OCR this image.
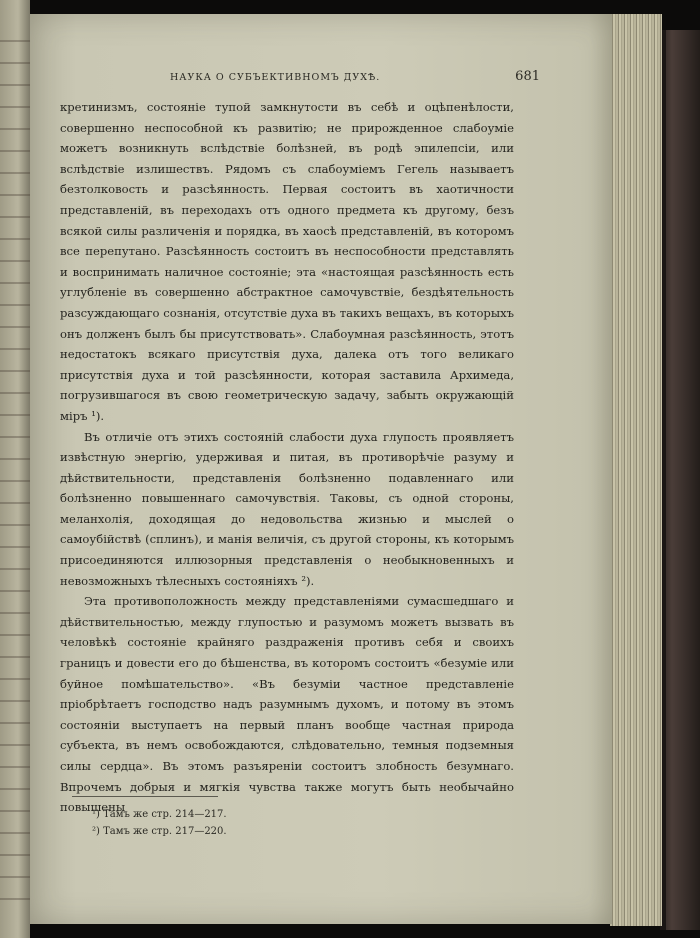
НАУКА О СУБЪЕКТИВНОМЪ ДУХѢ.	681

кретинизмъ, состояніе тупой замкнутости въ себѣ и оцѣпенѣлости, совершенно неспособной къ развитію; не прирожденное слабоуміе можетъ возникнуть вслѣдствіе болѣзней, въ родѣ эпилепсіи, или вслѣдствіе излишествъ. Рядомъ съ слабоуміемъ Гегель называетъ безтолковость и разсѣянность. Первая состоитъ въ хаотичности представленій, въ переходахъ отъ одного предмета къ другому, безъ всякой силы различенія и порядка, въ хаосѣ представленій, въ которомъ все перепутано. Разсѣянность состоитъ въ неспособности представлять и воспринимать наличное состояніе; эта «настоящая разсѣянность есть углубленіе въ совершенно абстрактное самочувствіе, бездѣятельность разсуждающаго сознанія, отсутствіе духа въ такихъ вещахъ, въ которыхъ онъ долженъ былъ бы присутствовать». Слабоумная разсѣянность, этотъ недостатокъ всякаго присутствія духа, далека отъ того великаго присутствія духа и той разсѣянности, которая заставила Архимеда, погрузившагося въ свою геометрическую задачу, забыть окружающій міръ ¹).

Въ отличіе отъ этихъ состояній слабости духа глупость проявляетъ извѣстную энергію, удерживая и питая, въ противорѣчіе разуму и дѣйствительности, представленія болѣзненно подавленнаго или болѣзненно повышеннаго самочувствія. Таковы, съ одной стороны, меланхолія, доходящая до недовольства жизнью и мыслей о самоубійствѣ (сплинъ), и манія величія, съ другой стороны, къ которымъ присоединяются иллюзорныя представленія о необыкновенныхъ и невозможныхъ тѣлесныхъ состояніяхъ ²).

Эта противоположность между представленіями сумасшедшаго и дѣйствительностью, между глупостью и разумомъ можетъ вызвать въ человѣкѣ состояніе крайняго раздраженія противъ себя и своихъ границъ и довести его до бѣшенства, въ которомъ состоитъ «безуміе или буйное помѣшательство». «Въ безуміи частное представленіе пріобрѣтаетъ господство надъ разумнымъ духомъ, и потому въ этомъ состояніи выступаетъ на первый планъ вообще частная природа субъекта, въ немъ освобождаются, слѣдовательно, темныя подземныя силы сердца». Въ этомъ разъяреніи состоитъ злобность безумнаго. Впрочемъ добрыя и мягкія чувства также могутъ быть необычайно повышены

¹) Тамъ же стр. 214—217.
²) Тамъ же стр. 217—220.
